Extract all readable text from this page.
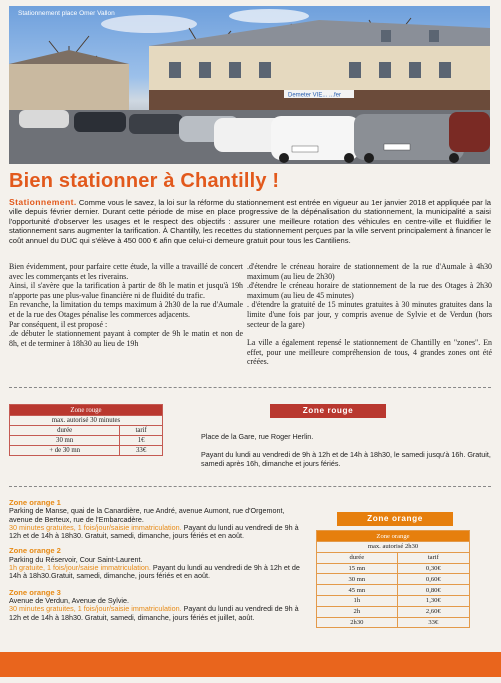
Demeter VIE... ...fer
Stationnement place Omer Vallon
Bien stationner à Chantilly !
Stationnement. Comme vous le savez, la loi sur la réforme du stationnement est entrée en vigueur au 1er janvier 2018 et appliquée par la ville depuis février dernier. Durant cette période de mise en place progressive de la dépénalisation du stationnement, la municipalité a saisi l'opportunité d'observer les usages et le respect des objectifs : assurer une meilleure rotation des véhicules en centre-ville et fluidifier le stationnement sans augmenter la tarification. À Chantilly, les recettes du stationnement perçues par la ville servent principalement à financer le coût annuel du DUC qui s'élève à 450 000 € afin que celui-ci demeure gratuit pour tous les Cantiliens.

Bien évidemment, pour parfaire cette étude, la ville a travaillé de concert avec les commerçants et les riverains.

Ainsi, il s'avère que la tarification à partir de 8h le matin et jusqu'à 19h n'apporte pas une plus-value financière ni de fluidité du trafic.

En revanche, la limitation du temps maximum à 2h30 de la rue d'Aumale et de la rue des Otages pénalise les commerces adjacents.

Par conséquent, il est proposé :

.de débuter le stationnement payant à compter de 9h le matin et non de 8h, et de terminer à 18h30 au lieu de 19h

.d'étendre le créneau horaire de stationnement de la rue d'Aumale à 4h30 maximum (au lieu de 2h30)
.d'étendre le créneau horaire de stationnement de la rue des Otages à 2h30 maximum (au lieu de 45 minutes)
. d'étendre la gratuité de 15 minutes gratuites à 30 minutes gratuites dans la limite d'une fois par jour, y compris avenue de Sylvie et de Verdun (hors secteur de la gare)

La ville a également repensé le stationnement de Chantilly en "zones". En effet, pour une meilleure compréhension de tous, 4 grandes zones ont été créées.

Zone rouge	
max. autorisé 30 minutes	
durée	tarif
30 mn	1€
+ de 30 mn	33€
Zone rouge

Place de la Gare, rue Roger Herlin.

Payant du lundi au vendredi de 9h à 12h et de 14h à 18h30, le samedi jusqu'à 16h. Gratuit, samedi après 16h, dimanche et jours fériés.

Zone orange 1

Parking de Manse, quai de la Canardière, rue André, avenue Aumont, rue d'Orgemont, avenue de Berteux, rue de l'Embarcadère.

30 minutes gratuites, 1 fois/jour/saisie immatriculation. Payant du lundi au vendredi de 9h à 12h et de 14h à 18h30. Gratuit, samedi, dimanche, jours fériés et en août.

Zone orange 2

Parking du Réservoir, Cour Saint-Laurent.

1h gratuite, 1 fois/jour/saisie immatriculation. Payant du lundi au vendredi de 9h à 12h et de 14h à 18h30.Gratuit, samedi, dimanche, jours fériés et en août.

Zone orange 3

Avenue de Verdun, Avenue de Sylvie.

30 minutes gratuites, 1 fois/jour/saisie immatriculation. Payant du lundi au vendredi de 9h à 12h et de 14h à 18h30. Gratuit, samedi, dimanche, jours fériés et juillet, août.

Zone orange
Zone orange	
max. autorisé 2h30	
durée	tarif
15 mn	0,30€
30 mn	0,60€
45 mn	0,80€
1h	1,30€
2h	2,60€
2h30	33€
